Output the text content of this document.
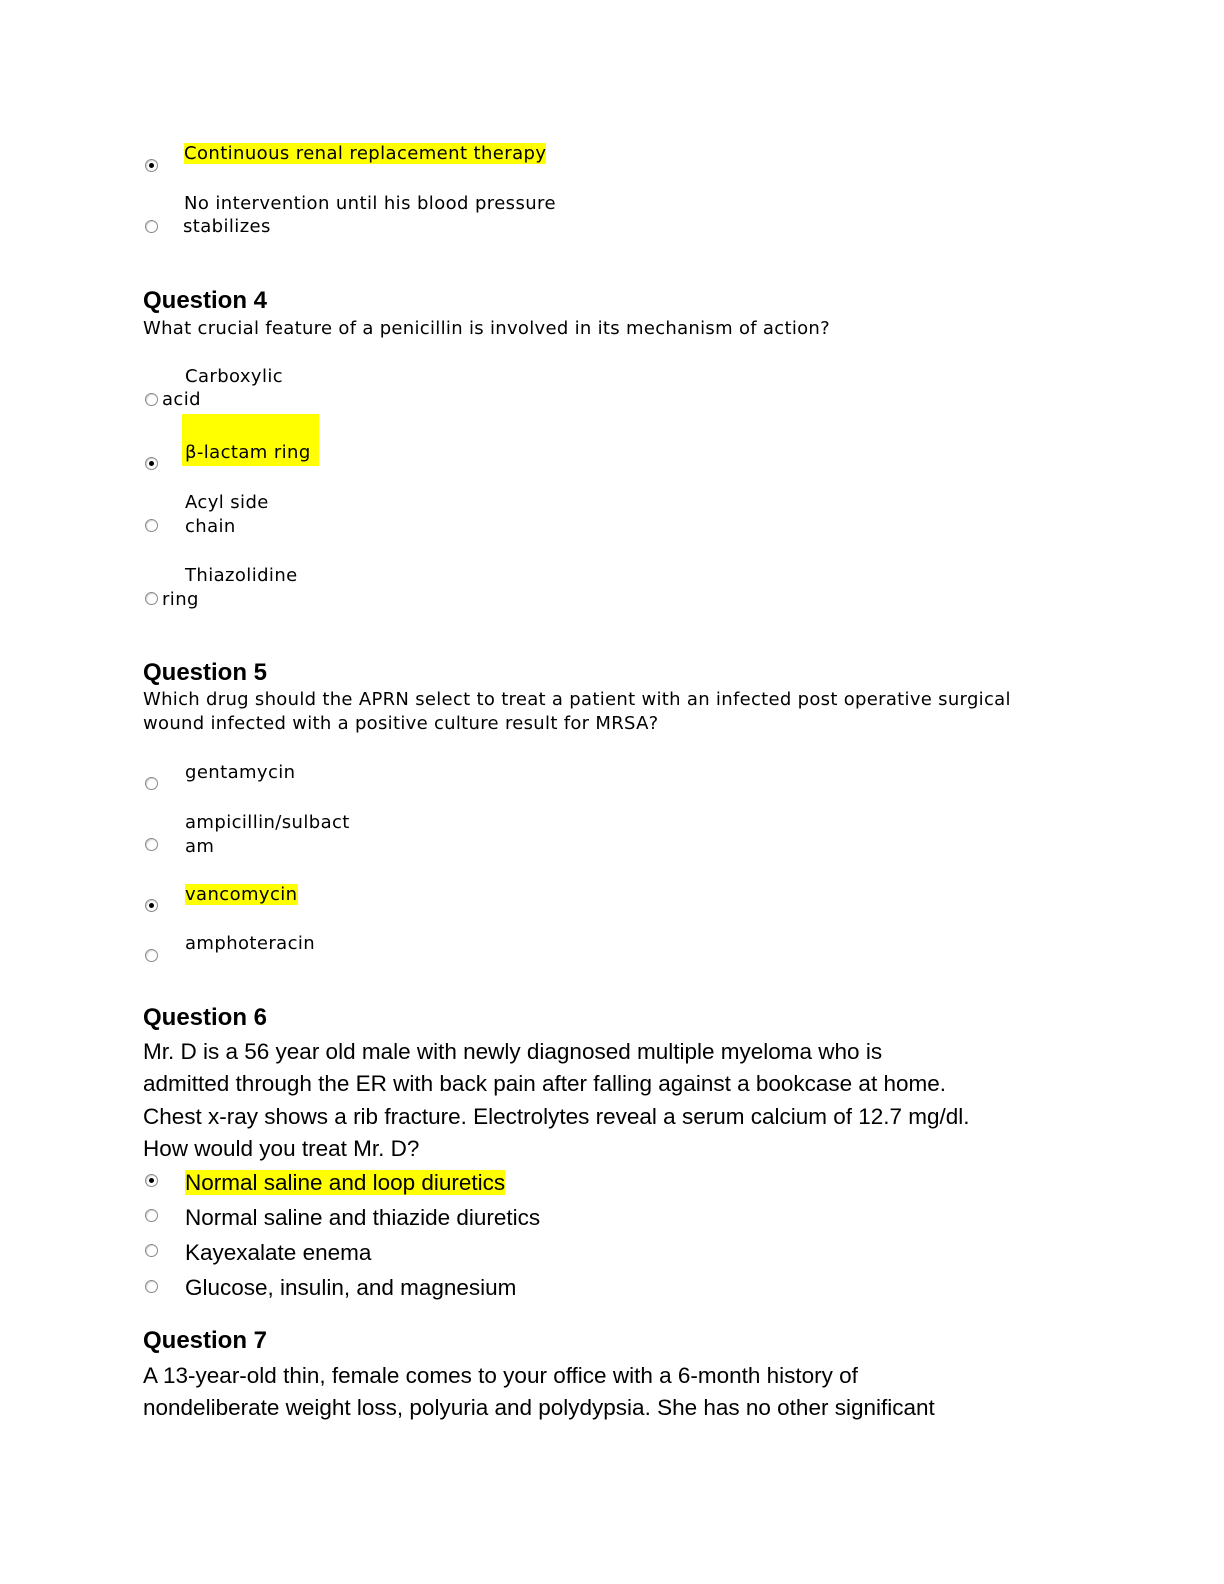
Continuous renal replacement therapy
No intervention until his blood pressure
stabilizes
Question 4
What crucial feature of a penicillin is involved in its mechanism of action?
Carboxylic
acid
β-lactam ring
Acyl side
chain
Thiazolidine
ring
Question 5
Which drug should the APRN select to treat a patient with an infected post operative surgical
wound infected with a positive culture result for MRSA?
gentamycin
ampicillin/sulbact
am
vancomycin
amphoteracin
Question 6
Mr. D is a 56 year old male with newly diagnosed multiple myeloma who is
admitted through the ER with back pain after falling against a bookcase at home.
Chest x-ray shows a rib fracture. Electrolytes reveal a serum calcium of 12.7 mg/dl.
How would you treat Mr. D?
Normal saline and loop diuretics
Normal saline and thiazide diuretics
Kayexalate enema
Glucose, insulin, and magnesium
Question 7
A 13-year-old thin, female comes to your office with a 6-month history of
nondeliberate weight loss, polyuria and polydypsia. She has no other significant
